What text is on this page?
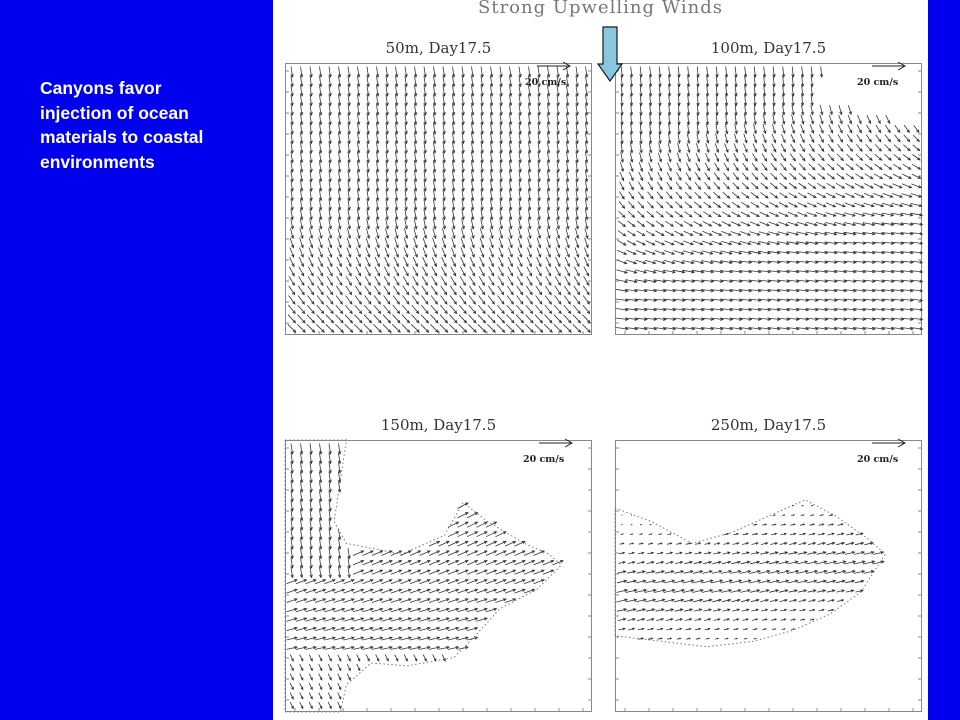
Canyons favor
injection of ocean
materials to coastal
environments
Strong Upwelling Winds
50m, Day17.5
20 cm/s
100m, Day17.5
20 cm/s
150m, Day17.5
20 cm/s
250m, Day17.5
20 cm/s
